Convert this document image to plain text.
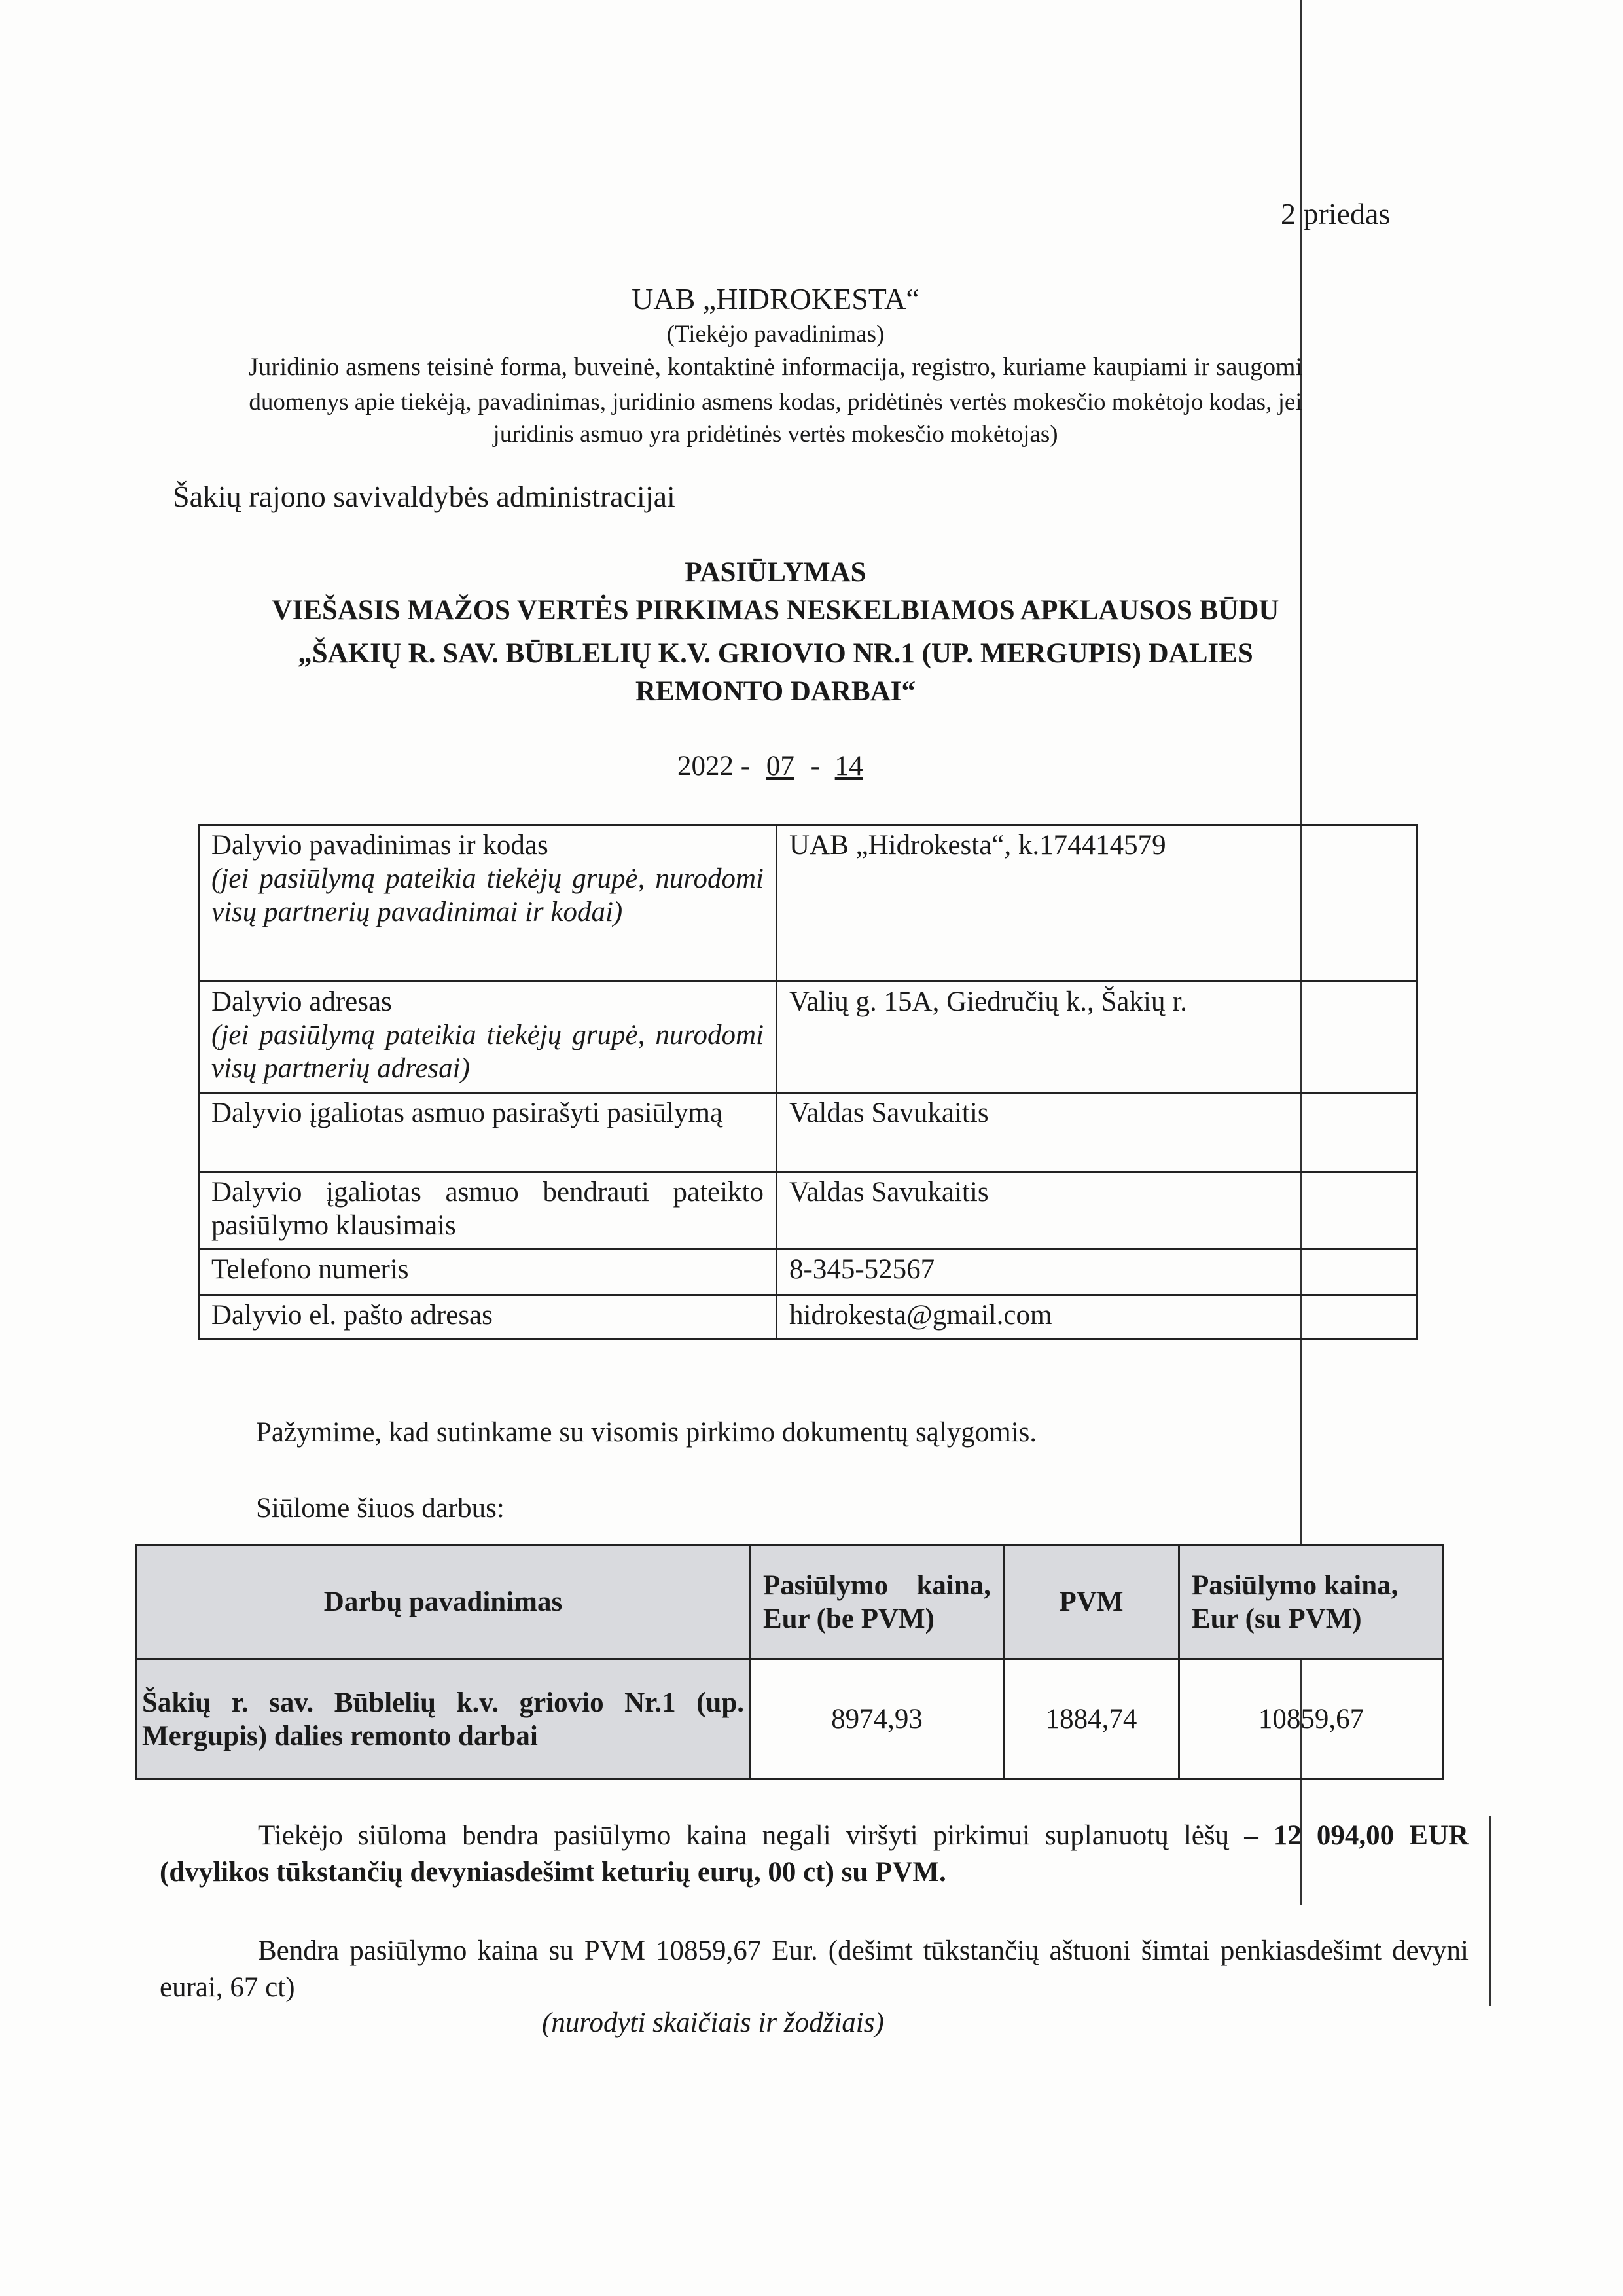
2 priedas
UAB „HIDROKESTA“
(Tiekėjo pavadinimas)
Juridinio asmens teisinė forma, buveinė, kontaktinė informacija, registro, kuriame kaupiami ir saugomi
duomenys apie tiekėją, pavadinimas, juridinio asmens kodas, pridėtinės vertės mokesčio mokėtojo kodas, jei
juridinis asmuo yra pridėtinės vertės mokesčio mokėtojas)
Šakių rajono savivaldybės administracijai
PASIŪLYMAS
VIEŠASIS MAŽOS VERTĖS PIRKIMAS NESKELBIAMOS APKLAUSOS BŪDU
„ŠAKIŲ R. SAV. BŪBLELIŲ K.V. GRIOVIO NR.1 (UP. MERGUPIS) DALIES
REMONTO DARBAI“
2022 - 07 - 14
Dalyvio pavadinimas ir kodas
(jei pasiūlymą pateikia tiekėjų grupė, nurodomi visų partnerių pavadinimai ir kodai)	UAB „Hidrokesta“, k.174414579

Dalyvio adresas
(jei pasiūlymą pateikia tiekėjų grupė, nurodomi visų partnerių adresai)	Valių g. 15A, Giedručių k., Šakių r.
Dalyvio įgaliotas asmuo pasirašyti pasiūlymą	Valdas Savukaitis
Dalyvio įgaliotas asmuo bendrauti pateikto pasiūlymo klausimais	Valdas Savukaitis
Telefono numeris	8-345-52567
Dalyvio el. pašto adresas	hidrokesta@gmail.com
Pažymime, kad sutinkame su visomis pirkimo dokumentų sąlygomis.
Siūlome šiuos darbus:
Darbų pavadinimas	Pasiūlymo kaina, Eur (be PVM)	PVM	Pasiūlymo kaina, Eur (su PVM)
Šakių r. sav. Būblelių k.v. griovio Nr.1 (up. Mergupis) dalies remonto darbai	8974,93	1884,74	10859,67
Tiekėjo siūloma bendra pasiūlymo kaina negali viršyti pirkimui suplanuotų lėšų – 12 094,00 EUR (dvylikos tūkstančių devyniasdešimt keturių eurų, 00 ct) su PVM.
Bendra pasiūlymo kaina su PVM 10859,67 Eur. (dešimt tūkstančių aštuoni šimtai penkiasdešimt devyni eurai, 67 ct)
(nurodyti skaičiais ir žodžiais)
